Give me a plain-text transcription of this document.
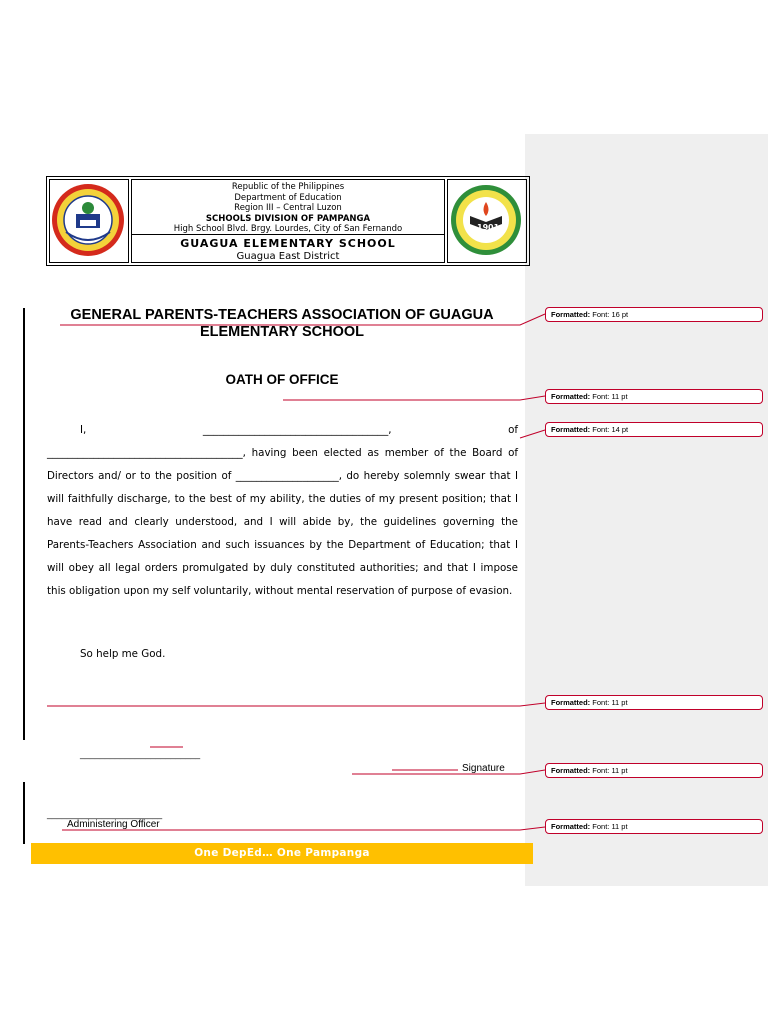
Republic of the Philippines
Department of Education
Region III – Central Luzon
SCHOOLS DIVISION OF PAMPANGA
High School Blvd. Brgy. Lourdes, City of San Fernando
GUAGUA ELEMENTARY SCHOOL
Guagua East District
19 01
GENERAL PARENTS-TEACHERS ASSOCIATION OF GUAGUA
ELEMENTARY SCHOOL
OATH OF OFFICE
I,	____________________________________,	of

______________________________________, having been elected as member of the Board of Directors and/ or to the position of ____________________, do hereby solemnly swear that I will faithfully discharge, to the best of my ability, the duties of my present position; that I have read and clearly understood, and I will abide by, the guidelines governing the Parents-Teachers Association and such issuances by the Department of Education; that I will obey all legal orders promulgated by duly constituted authorities; and that I impose this obligation upon my self voluntarily, without mental reservation of purpose of evasion.

So help me God.
________________________
Signature
_______________________
Administering Officer
One DepEd… One Pampanga
Formatted: Font: 16 pt
Formatted: Font: 11 pt
Formatted: Font: 14 pt
Formatted: Font: 11 pt
Formatted: Font: 11 pt
Formatted: Font: 11 pt
